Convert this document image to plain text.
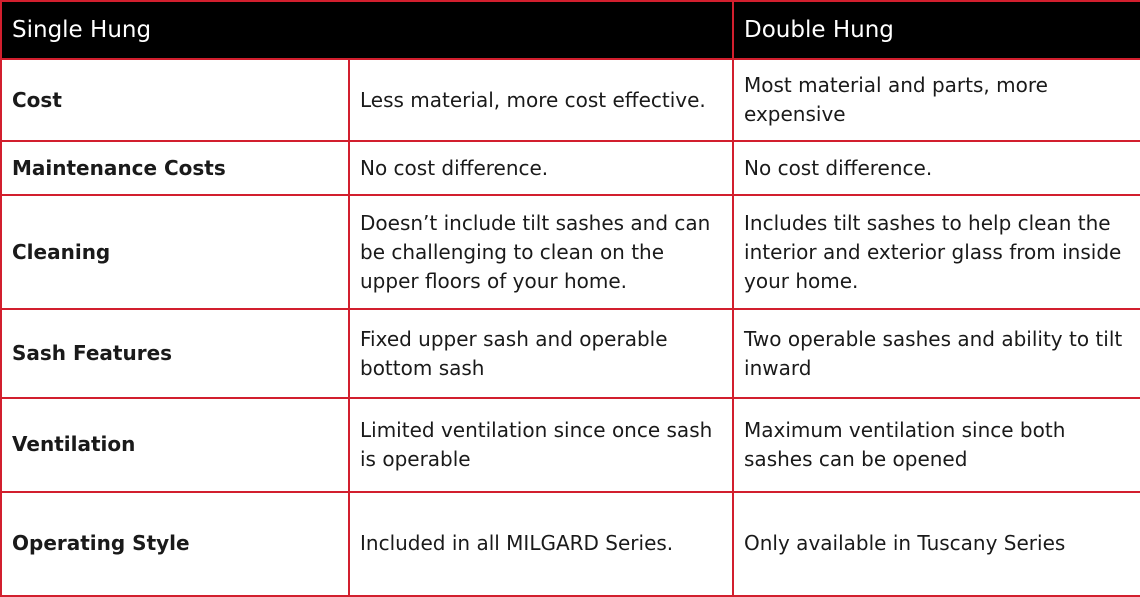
Single Hung		Double Hung
Cost	Less material, more cost effective.	Most material and parts, more expensive
Maintenance Costs	No cost difference.	No cost difference.
Cleaning	Doesn’t include tilt sashes and can be challenging to clean on the upper floors of your home.	Includes tilt sashes to help clean the interior and exterior glass from inside your home.
Sash Features	Fixed upper sash and operable bottom sash	Two operable sashes and ability to tilt inward
Ventilation	Limited ventilation since once sash is operable	Maximum ventilation since both sashes can be opened
Operating Style	Included in all MILGARD Series.	Only available in Tuscany Series
